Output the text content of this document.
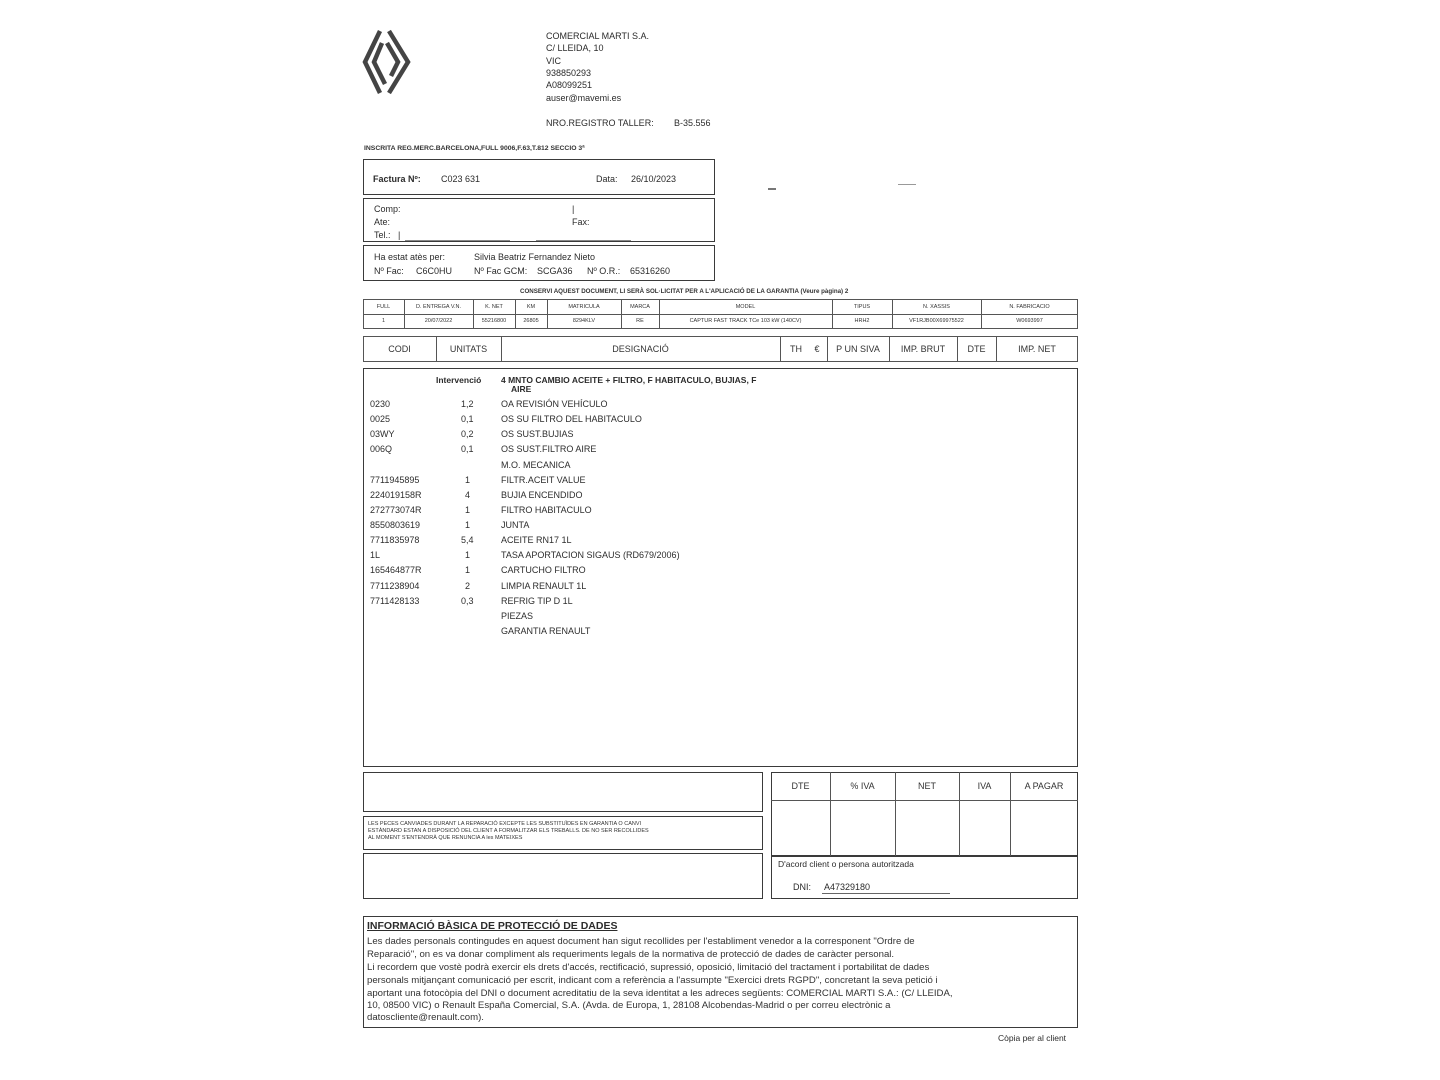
COMERCIAL MARTI S.A.
C/ LLEIDA, 10
VIC
938850293
A08099251
auser@mavemi.es
NRO.REGISTRO TALLER: B-35.556
INSCRITA REG.MERC.BARCELONA,FULL 9006,F.63,T.812 SECCIO 3ª
Factura Nº: C023 631	Data: 26/10/2023
Comp:	|
Ate:	Fax:
Tel.: |
Ha estat atès per:	Silvia Beatriz Fernandez Nieto
Nº Fac: C6C0HU Nº Fac GCM: SCGA36 Nº O.R.: 65316260
CONSERVI AQUEST DOCUMENT, LI SERÀ SOL·LICITAT PER A L'APLICACIÓ DE LA GARANTIA (Veure pàgina) 2
FULL	D. ENTREGA V.N.	K. NET	KM	MATRICULA	MARCA	MODEL	TIPUS	N. XASSIS	N. FABRICACIO
1	20/07/2022	55216800	26805	8294KLV	RE	CAPTUR FAST TRACK TCe 103 kW (140CV)	HRH2	VF1RJB00X69975522	W0693997
CODI	UNITATS	DESIGNACIÓ	TH	€	P UN SIVA	IMP. BRUT	DTE	IMP. NET
Intervenció 4 MNTO CAMBIO ACEITE + FILTRO, F HABITACULO, BUJIAS, F
AIRE
0230	1,2	OA REVISIÓN VEHÍCULO
0025	0,1	OS SU FILTRO DEL HABITACULO
03WY	0,2	OS SUST.BUJIAS
006Q	0,1	OS SUST.FILTRO AIRE
M.O. MECANICA
7711945895	1	FILTR.ACEIT VALUE
224019158R	4	BUJIA ENCENDIDO
272773074R	1	FILTRO HABITACULO
8550803619	1	JUNTA
7711835978	5,4	ACEITE RN17 1L
1L	1	TASA APORTACION SIGAUS (RD679/2006)
165464877R	1	CARTUCHO FILTRO
7711238904	2	LIMPIA RENAULT 1L
7711428133	0,3	REFRIG TIP D 1L
PIEZAS
GARANTIA RENAULT
LES PECES CANVIADES DURANT LA REPARACIÓ EXCEPTE LES SUBSTITUÏDES EN GARANTIA O CANVI
ESTÀNDARD ESTAN A DISPOSICIÓ DEL CLIENT A FORMALITZAR ELS TREBALLS. DE NO SER RECOLLIDES
AL MOMENT S'ENTENDRÀ QUE RENUNCIA A les MATEIXES
DTE	% IVA	NET	IVA	A PAGAR
D'acord client o persona autoritzada
DNI: A47329180
INFORMACIÓ BÀSICA DE PROTECCIÓ DE DADES
Les dades personals contingudes en aquest document han sigut recollides per l'establiment venedor a la corresponent "Ordre de
Reparació", on es va donar compliment als requeriments legals de la normativa de protecció de dades de caràcter personal.
Li recordem que vostè podrà exercir els drets d'accés, rectificació, supressió, oposició, limitació del tractament i portabilitat de dades
personals mitjançant comunicació per escrit, indicant com a referència a l'assumpte "Exercici drets RGPD", concretant la seva petició i
aportant una fotocòpia del DNI o document acreditatiu de la seva identitat a les adreces següents: COMERCIAL MARTI S.A.: (C/ LLEIDA,
10, 08500 VIC) o Renault España Comercial, S.A. (Avda. de Europa, 1, 28108 Alcobendas-Madrid o per correu electrònic a
datoscliente@renault.com).
Còpia per al client
